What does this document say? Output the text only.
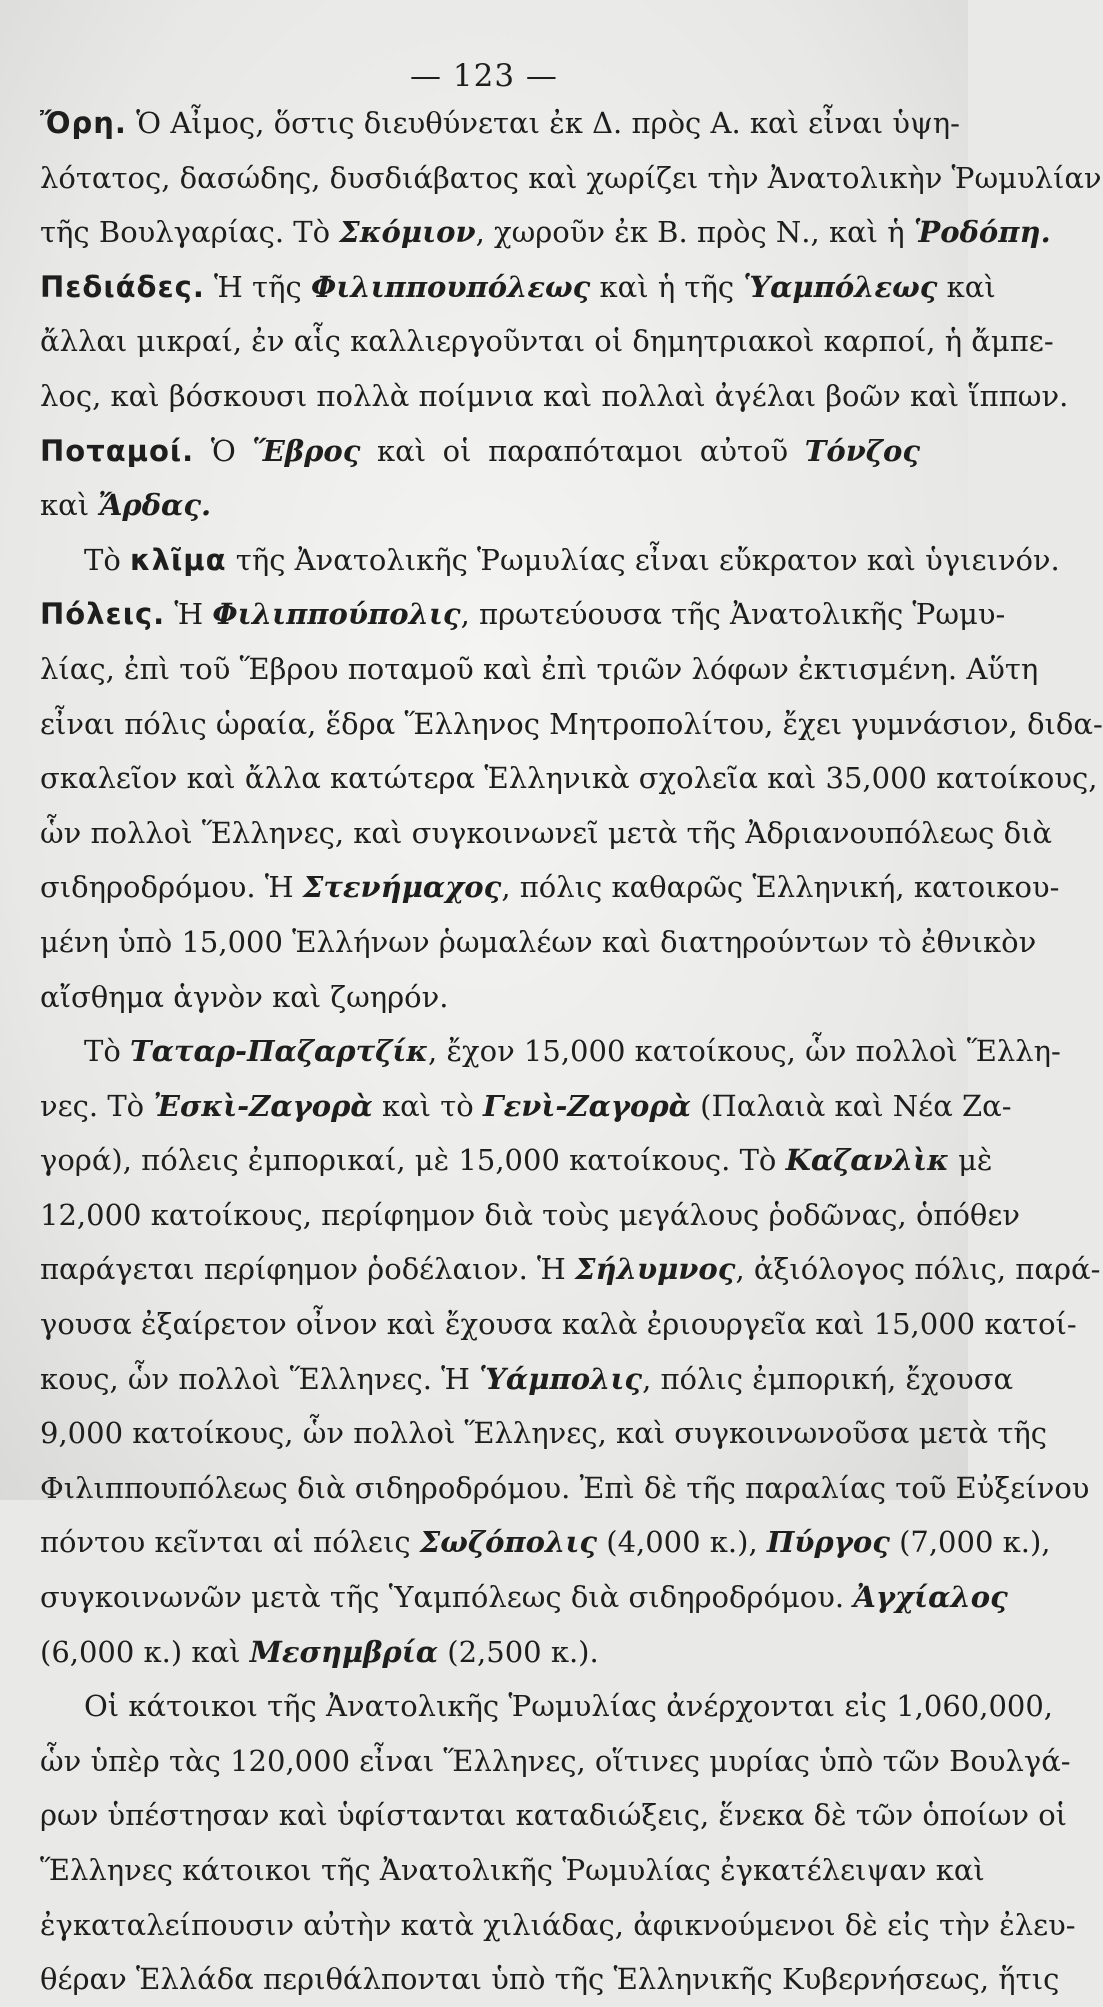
— 123 —
Ὄρη. Ὁ Αἶμος, ὅστις διευθύνεται ἐκ Δ. πρὸς Α. καὶ εἶναι ὑψη-
λότατος, δασώδης, δυσδιάβατος καὶ χωρίζει τὴν Ἀνατολικὴν Ῥωμυλίαν
τῆς Βουλγαρίας. Τὸ Σκόμιον, χωροῦν ἐκ Β. πρὸς Ν., καὶ ἡ Ῥοδόπη.
Πεδιάδες. Ἡ τῆς Φιλιππουπόλεως καὶ ἡ τῆς Ὑαμπόλεως καὶ
ἄλλαι μικραί, ἐν αἷς καλλιεργοῦνται οἱ δημητριακοὶ καρποί, ἡ ἄμπε-
λος, καὶ βόσκουσι πολλὰ ποίμνια καὶ πολλαὶ ἀγέλαι βοῶν καὶ ἵππων.
Ποταμοί. Ὁ Ἕβρος καὶ οἱ παραπόταμοι αὐτοῦ Τόνζος
καὶ Ἄρδας.
Τὸ κλῖμα τῆς Ἀνατολικῆς Ῥωμυλίας εἶναι εὔκρατον καὶ ὑγιεινόν.
Πόλεις. Ἡ Φιλιππούπολις, πρωτεύουσα τῆς Ἀνατολικῆς Ῥωμυ-
λίας, ἐπὶ τοῦ Ἕβρου ποταμοῦ καὶ ἐπὶ τριῶν λόφων ἐκτισμένη. Αὕτη
εἶναι πόλις ὡραία, ἕδρα Ἕλληνος Μητροπολίτου, ἔχει γυμνάσιον, διδα-
σκαλεῖον καὶ ἄλλα κατώτερα Ἑλληνικὰ σχολεῖα καὶ 35,000 κατοίκους,
ὧν πολλοὶ Ἕλληνες, καὶ συγκοινωνεῖ μετὰ τῆς Ἀδριανουπόλεως διὰ
σιδηροδρόμου. Ἡ Στενήμαχος, πόλις καθαρῶς Ἑλληνική, κατοικου-
μένη ὑπὸ 15,000 Ἑλλήνων ῥωμαλέων καὶ διατηρούντων τὸ ἐθνικὸν
αἴσθημα ἁγνὸν καὶ ζωηρόν.
Τὸ Ταταρ-Παζαρτζίκ, ἔχον 15,000 κατοίκους, ὧν πολλοὶ Ἕλλη-
νες. Τὸ Ἐσκὶ-Ζαγορὰ καὶ τὸ Γενὶ-Ζαγορὰ (Παλαιὰ καὶ Νέα Ζα-
γορά), πόλεις ἐμπορικαί, μὲ 15,000 κατοίκους. Τὸ Καζανλὶκ μὲ
12,000 κατοίκους, περίφημον διὰ τοὺς μεγάλους ῥοδῶνας, ὁπόθεν
παράγεται περίφημον ῥοδέλαιον. Ἡ Σήλυμνος, ἀξιόλογος πόλις, παρά-
γουσα ἐξαίρετον οἶνον καὶ ἔχουσα καλὰ ἐριουργεῖα καὶ 15,000 κατοί-
κους, ὧν πολλοὶ Ἕλληνες. Ἡ Ὑάμπολις, πόλις ἐμπορική, ἔχουσα
9,000 κατοίκους, ὧν πολλοὶ Ἕλληνες, καὶ συγκοινωνοῦσα μετὰ τῆς
Φιλιππουπόλεως διὰ σιδηροδρόμου. Ἐπὶ δὲ τῆς παραλίας τοῦ Εὐξείνου
πόντου κεῖνται αἱ πόλεις Σωζόπολις (4,000 κ.), Πύργος (7,000 κ.),
συγκοινωνῶν μετὰ τῆς Ὑαμπόλεως διὰ σιδηροδρόμου. Ἀγχίαλος
(6,000 κ.) καὶ Μεσημβρία (2,500 κ.).
Οἱ κάτοικοι τῆς Ἀνατολικῆς Ῥωμυλίας ἀνέρχονται εἰς 1,060,000,
ὧν ὑπὲρ τὰς 120,000 εἶναι Ἕλληνες, οἵτινες μυρίας ὑπὸ τῶν Βουλγά-
ρων ὑπέστησαν καὶ ὑφίστανται καταδιώξεις, ἕνεκα δὲ τῶν ὁποίων οἱ
Ἕλληνες κάτοικοι τῆς Ἀνατολικῆς Ῥωμυλίας ἐγκατέλειψαν καὶ
ἐγκαταλείπουσιν αὐτὴν κατὰ χιλιάδας, ἀφικνούμενοι δὲ εἰς τὴν ἐλευ-
θέραν Ἑλλάδα περιθάλπονται ὑπὸ τῆς Ἑλληνικῆς Κυβερνήσεως, ἥτις
